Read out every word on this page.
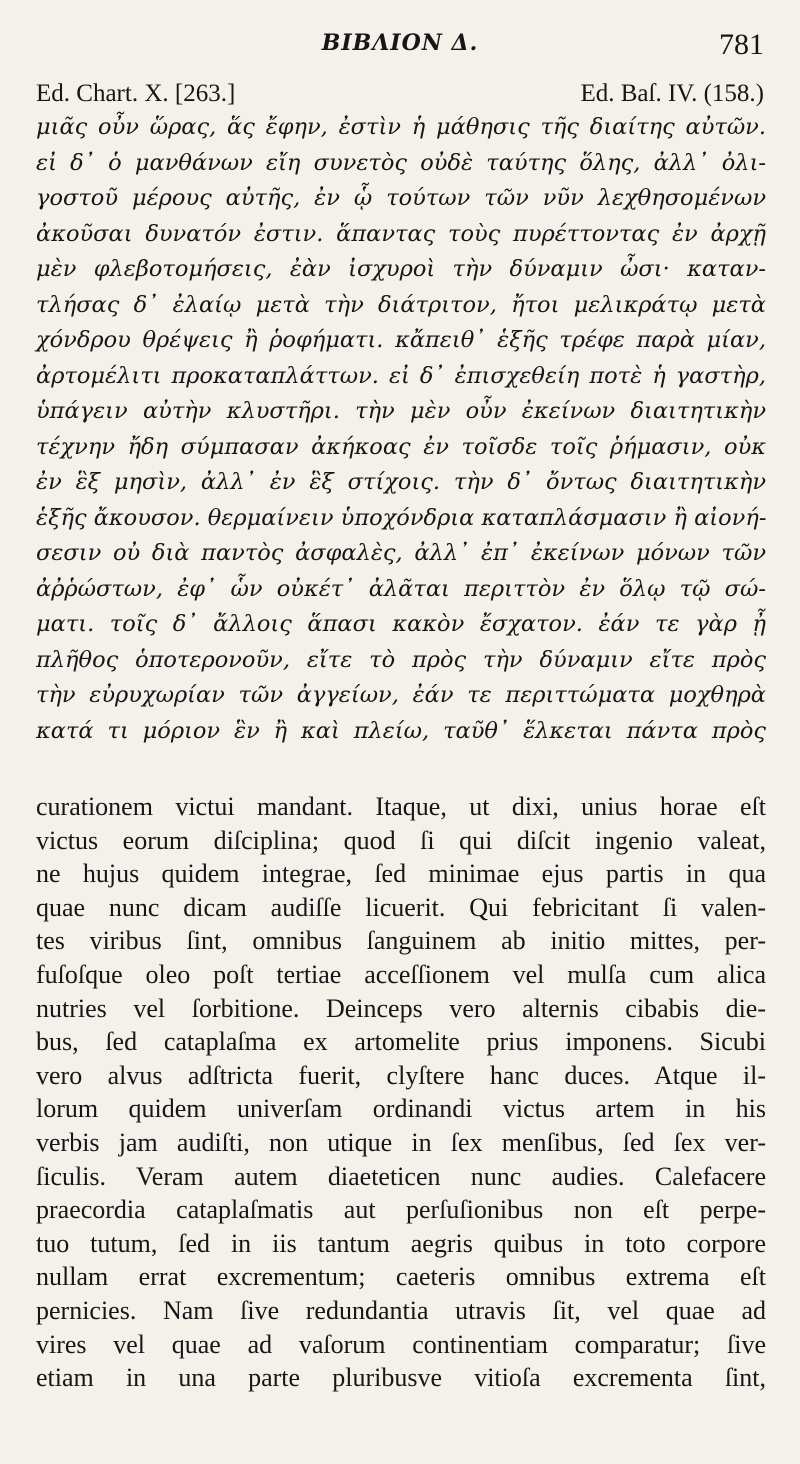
ΒΙΒΛΙΟΝ Δ.	781
Ed. Chart. X. [263.]	Ed. Baſ. IV. (158.)
μιᾶς οὖν ὥρας, ἅς ἔφην, ἐστὶν ἡ μάθησις τῆς διαίτης αὐτῶν.
εἰ δ᾽ ὁ μανθάνων εἴη συνετὸς οὐδὲ ταύτης ὅλης, ἀλλ᾽ ὀλι-
γοστοῦ μέρους αὐτῆς, ἐν ᾧ τούτων τῶν νῦν λεχθησομένων
ἀκοῦσαι δυνατόν ἐστιν. ἅπαντας τοὺς πυρέττοντας ἐν ἀρχῇ
μὲν φλεβοτομήσεις, ἐὰν ἰσχυροὶ τὴν δύναμιν ὦσι· καταν-
τλήσας δ᾽ ἐλαίῳ μετὰ τὴν διάτριτον, ἤτοι μελικράτῳ μετὰ
χόνδρου θρέψεις ἢ ῥοφήματι. κἄπειθ᾽ ἑξῆς τρέφε παρὰ μίαν,
ἀρτομέλιτι προκαταπλάττων. εἰ δ᾽ ἐπισχεθείη ποτὲ ἡ γαστὴρ,
ὑπάγειν αὐτὴν κλυστῆρι. τὴν μὲν οὖν ἐκείνων διαιτητικὴν
τέχνην ἤδη σύμπασαν ἀκήκοας ἐν τοῖσδε τοῖς ῥήμασιν, οὐκ
ἐν ἓξ μησὶν, ἀλλ᾽ ἐν ἓξ στίχοις. τὴν δ᾽ ὄντως διαιτητικὴν
ἑξῆς ἄκουσον. θερμαίνειν ὑποχόνδρια καταπλάσμασιν ἢ αἰονή-
σεσιν οὐ διὰ παντὸς ἀσφαλὲς, ἀλλ᾽ ἐπ᾽ ἐκείνων μόνων τῶν
ἀῤῥώστων, ἐφ᾽ ὧν οὐκέτ᾽ ἀλᾶται περιττὸν ἐν ὅλῳ τῷ σώ-
ματι. τοῖς δ᾽ ἄλλοις ἅπασι κακὸν ἔσχατον. ἐάν τε γὰρ ᾖ
πλῆθος ὁποτερονοῦν, εἴτε τὸ πρὸς τὴν δύναμιν εἴτε πρὸς
τὴν εὐρυχωρίαν τῶν ἀγγείων, ἐάν τε περιττώματα μοχθηρὰ
κατά τι μόριον ἓν ἢ καὶ πλείω, ταῦθ᾽ ἕλκεται πάντα πρὸς
curationem victui mandant. Itaque, ut dixi, unius horae eſt
victus eorum diſciplina; quod ſi qui diſcit ingenio valeat,
ne hujus quidem integrae, ſed minimae ejus partis in qua
quae nunc dicam audiſſe licuerit. Qui febricitant ſi valen-
tes viribus ſint, omnibus ſanguinem ab initio mittes, per-
fuſoſque oleo poſt tertiae acceſſionem vel mulſa cum alica
nutries vel ſorbitione. Deinceps vero alternis cibabis die-
bus, ſed cataplaſma ex artomelite prius imponens. Sicubi
vero alvus adſtricta fuerit, clyſtere hanc duces. Atque il-
lorum quidem univerſam ordinandi victus artem in his
verbis jam audiſti, non utique in ſex menſibus, ſed ſex ver-
ſiculis. Veram autem diaeteticen nunc audies. Calefacere
praecordia cataplaſmatis aut perſuſionibus non eſt perpe-
tuo tutum, ſed in iis tantum aegris quibus in toto corpore
nullam errat excrementum; caeteris omnibus extrema eſt
pernicies. Nam ſive redundantia utravis ſit, vel quae ad
vires vel quae ad vaſorum continentiam comparatur; ſive
etiam in una parte pluribusve vitioſa excrementa ſint,
